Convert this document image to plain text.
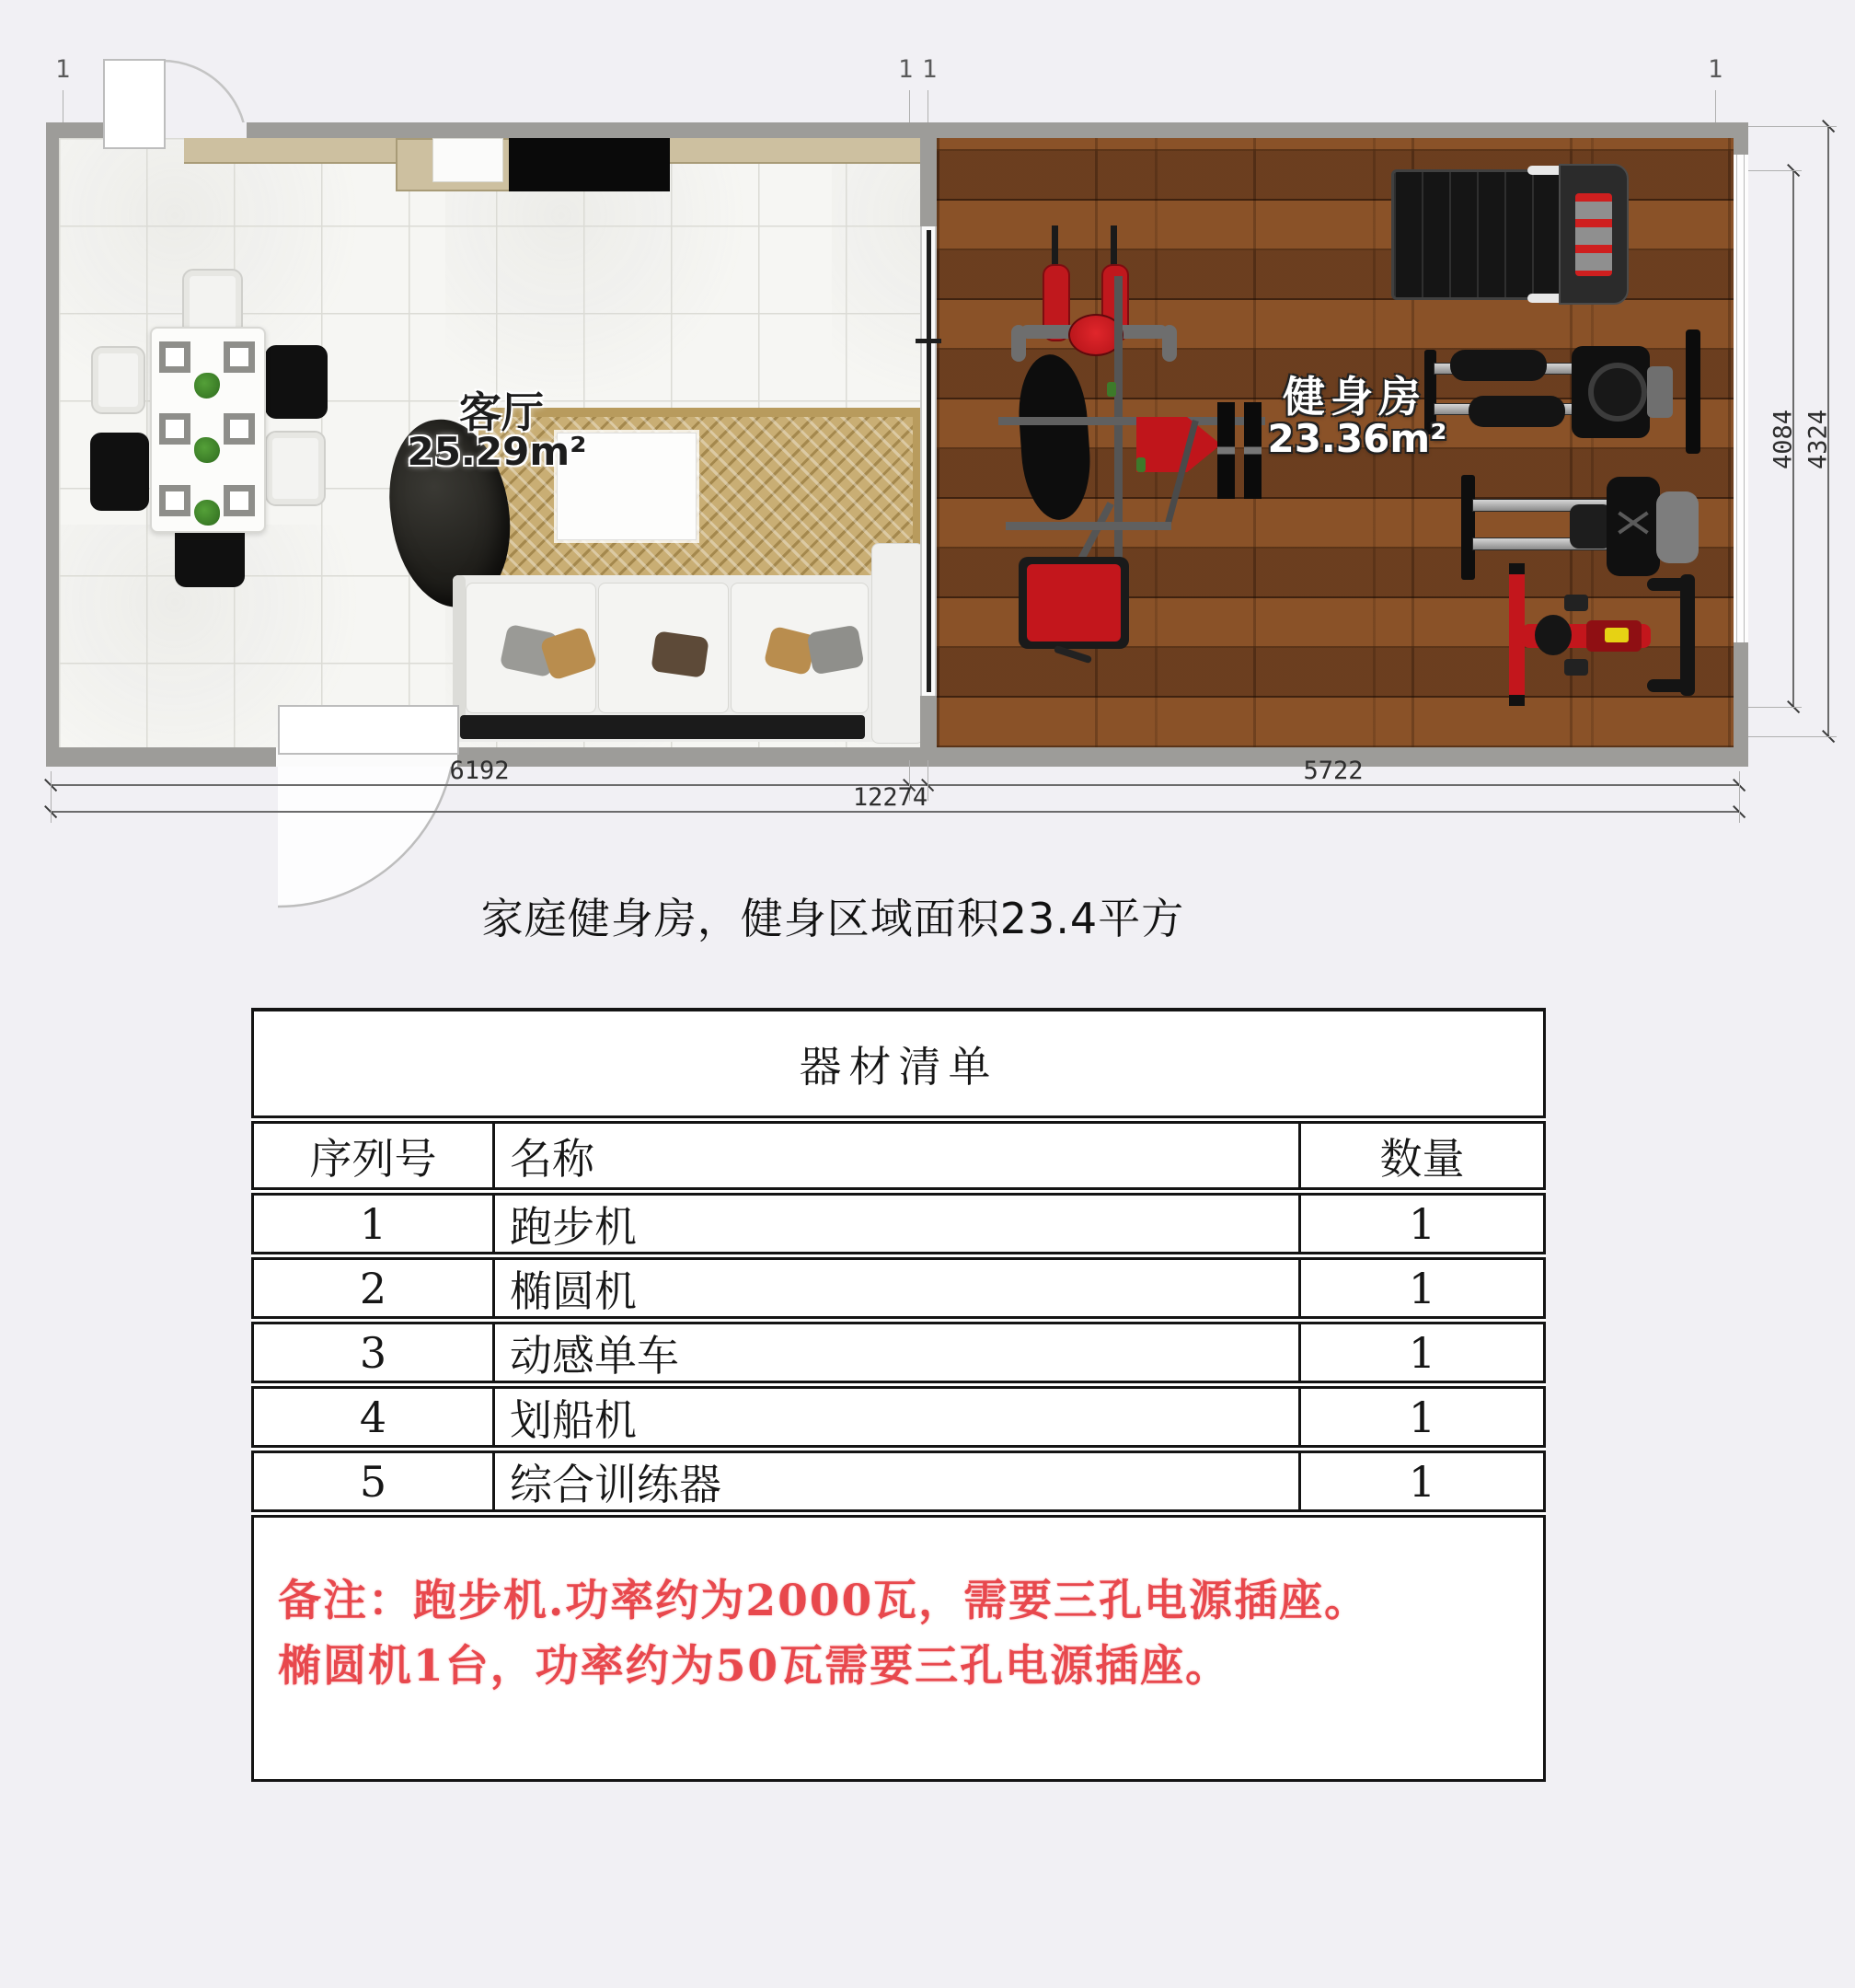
1	1 1	1
客厅
25.29m²
健身房
23.36m²
6192	5722
12274
4084 4324
家庭健身房，健身区域面积23.4平方
器材清单
序列号	名称	数量
1	跑步机	1
2	椭圆机	1
3	动感单车	1
4	划船机	1
5	综合训练器	1
备注：跑步机.功率约为2000瓦，需要三孔电源插座。
椭圆机1台，功率约为50瓦需要三孔电源插座。
